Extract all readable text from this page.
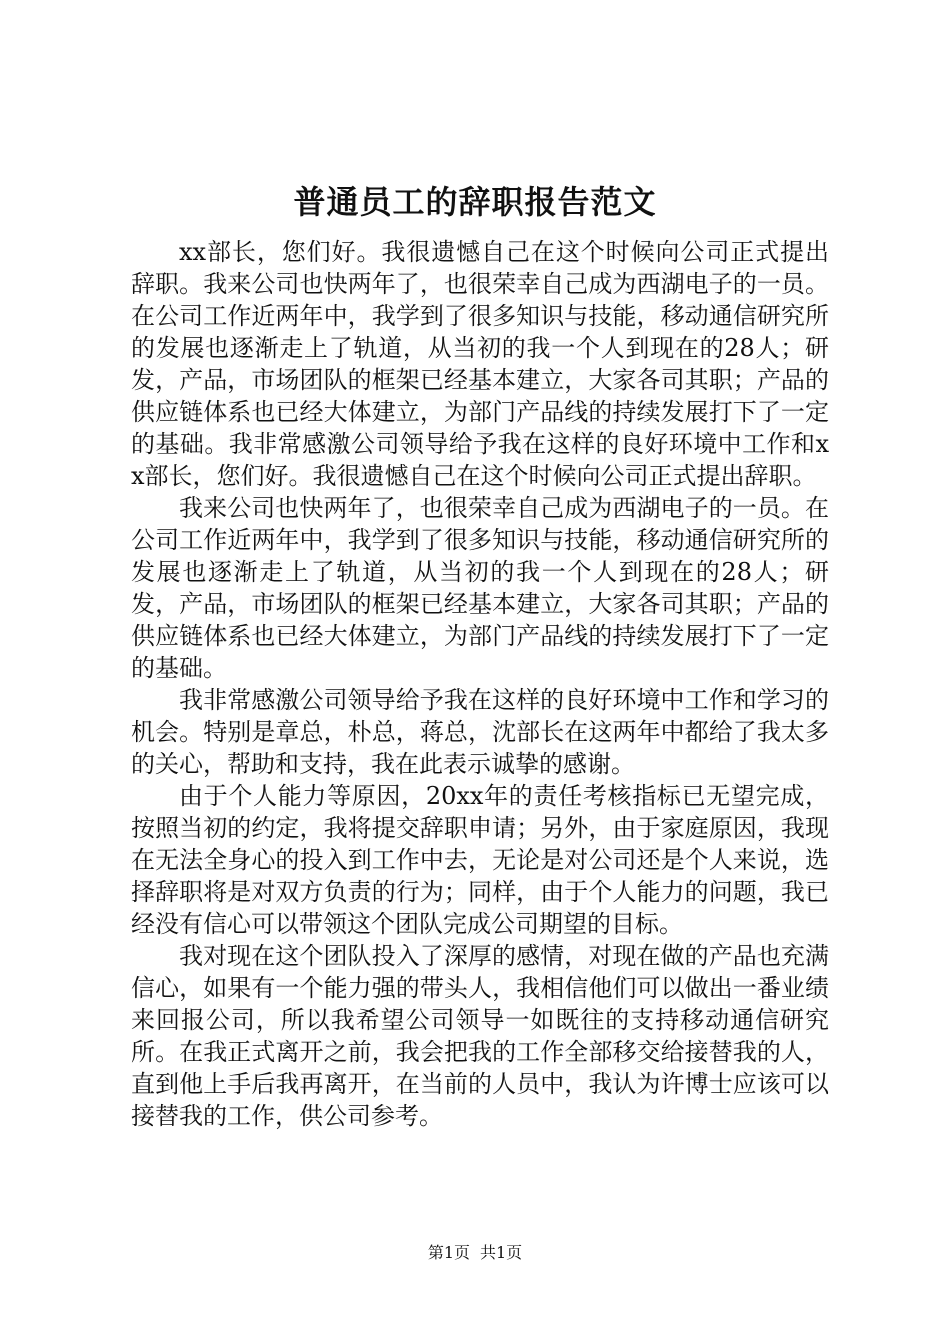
普通员工的辞职报告范文

xx部长，您们好。我很遗憾自己在这个时候向公司正式提出辞职。我来公司也快两年了，也很荣幸自己成为西湖电子的一员。在公司工作近两年中，我学到了很多知识与技能，移动通信研究所的发展也逐渐走上了轨道，从当初的我一个人到现在的28人；研发，产品，市场团队的框架已经基本建立，大家各司其职；产品的供应链体系也已经大体建立，为部门产品线的持续发展打下了一定的基础。我非常感激公司领导给予我在这样的良好环境中工作和xx部长，您们好。我很遗憾自己在这个时候向公司正式提出辞职。

我来公司也快两年了，也很荣幸自己成为西湖电子的一员。在公司工作近两年中，我学到了很多知识与技能，移动通信研究所的发展也逐渐走上了轨道，从当初的我一个人到现在的28人；研发，产品，市场团队的框架已经基本建立，大家各司其职；产品的供应链体系也已经大体建立，为部门产品线的持续发展打下了一定的基础。

我非常感激公司领导给予我在这样的良好环境中工作和学习的机会。特别是章总，朴总，蒋总，沈部长在这两年中都给了我太多的关心，帮助和支持，我在此表示诚挚的感谢。

由于个人能力等原因，20xx年的责任考核指标已无望完成，按照当初的约定，我将提交辞职申请；另外，由于家庭原因，我现在无法全身心的投入到工作中去，无论是对公司还是个人来说，选择辞职将是对双方负责的行为；同样，由于个人能力的问题，我已经没有信心可以带领这个团队完成公司期望的目标。

我对现在这个团队投入了深厚的感情，对现在做的产品也充满信心，如果有一个能力强的带头人，我相信他们可以做出一番业绩来回报公司，所以我希望公司领导一如既往的支持移动通信研究所。在我正式离开之前，我会把我的工作全部移交给接替我的人，直到他上手后我再离开，在当前的人员中，我认为许博士应该可以接替我的工作，供公司参考。

第1页 共1页
